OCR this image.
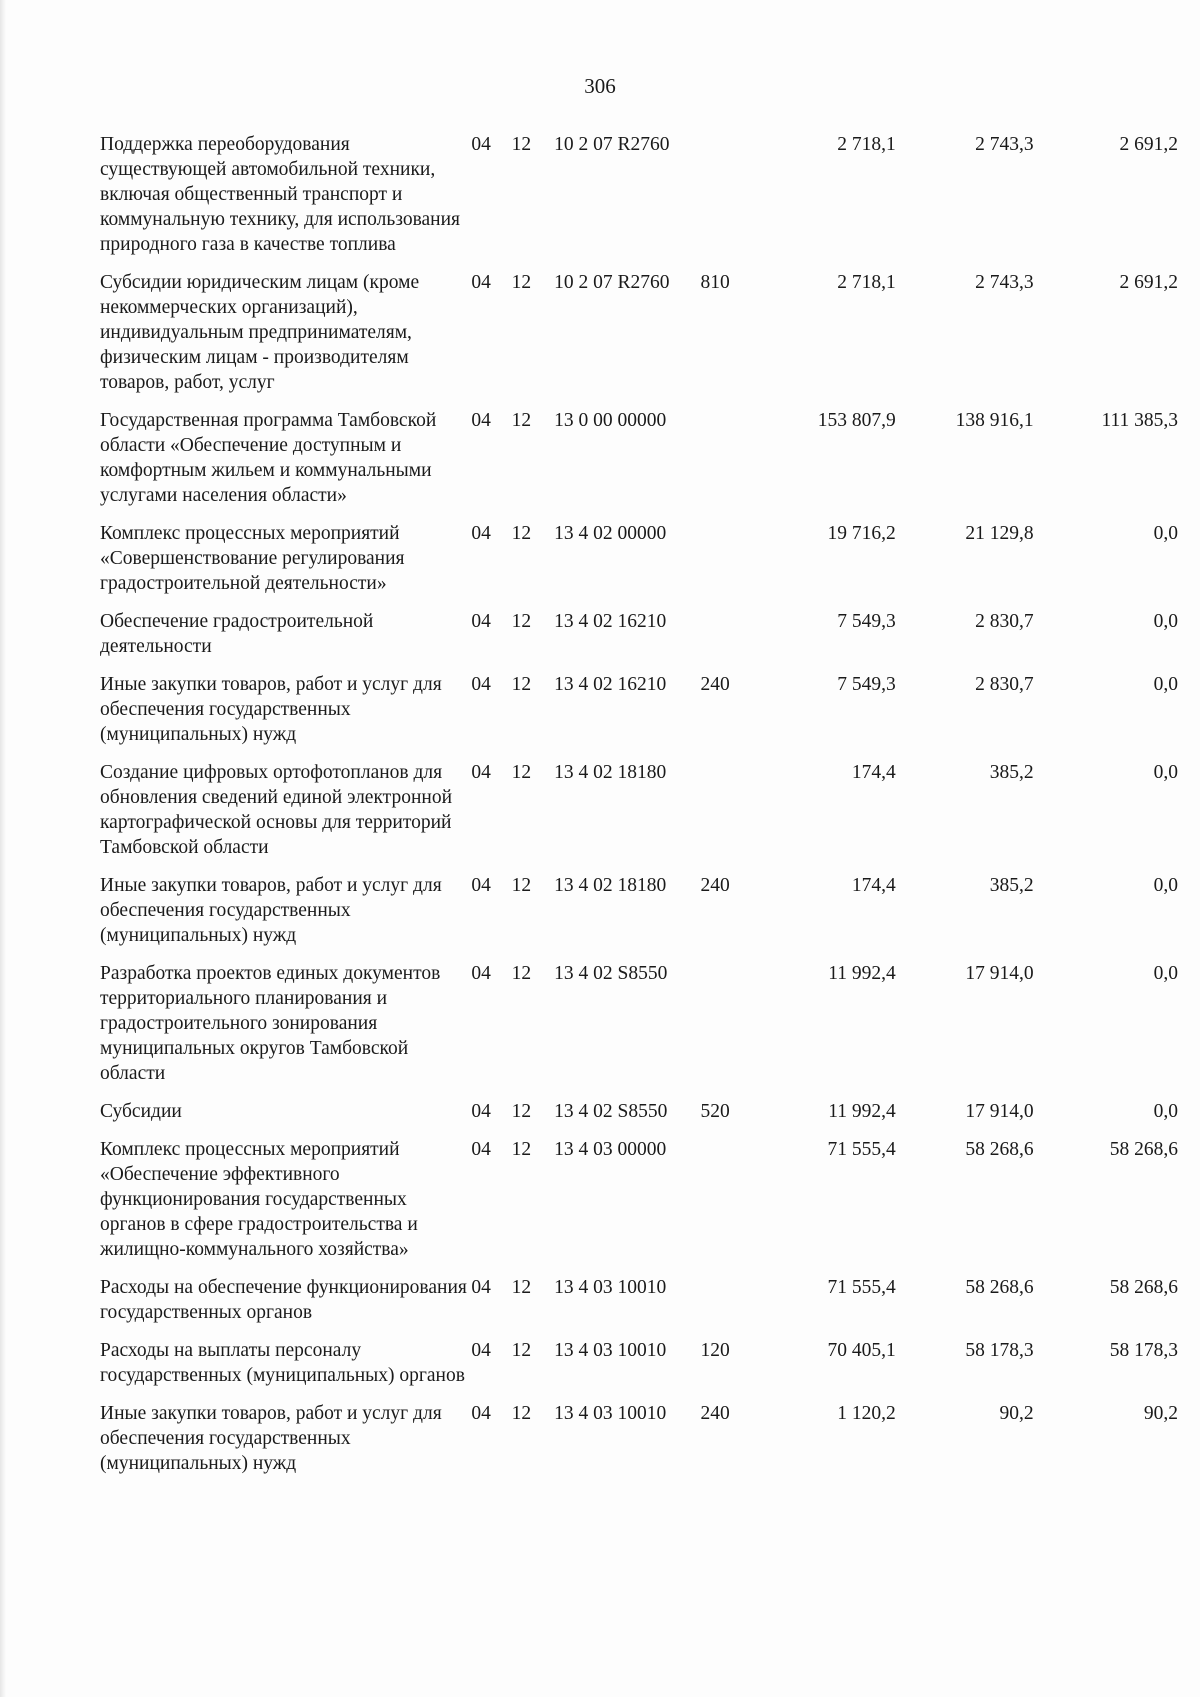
306
Поддержка переоборудования существующей автомобильной техники, включая общественный транспорт и коммунальную технику, для использования природного газа в качестве топлива	04	12	10 2 07 R2760		2 718,1	2 743,3	2 691,2
Субсидии юридическим лицам (кроме некоммерческих организаций), индивидуальным предпринимателям, физическим лицам - производителям товаров, работ, услуг	04	12	10 2 07 R2760	810	2 718,1	2 743,3	2 691,2
Государственная программа Тамбовской области «Обеспечение доступным и комфортным жильем и коммунальными услугами населения области»	04	12	13 0 00 00000		153 807,9	138 916,1	111 385,3
Комплекс процессных мероприятий «Совершенствование регулирования градостроительной деятельности»	04	12	13 4 02 00000		19 716,2	21 129,8	0,0
Обеспечение градостроительной деятельности	04	12	13 4 02 16210		7 549,3	2 830,7	0,0
Иные закупки товаров, работ и услуг для обеспечения государственных (муниципальных) нужд	04	12	13 4 02 16210	240	7 549,3	2 830,7	0,0
Создание цифровых ортофотопланов для обновления сведений единой электронной картографической основы для территорий Тамбовской области	04	12	13 4 02 18180		174,4	385,2	0,0
Иные закупки товаров, работ и услуг для обеспечения государственных (муниципальных) нужд	04	12	13 4 02 18180	240	174,4	385,2	0,0
Разработка проектов единых документов территориального планирования и градостроительного зонирования муниципальных округов Тамбовской области	04	12	13 4 02 S8550		11 992,4	17 914,0	0,0
Субсидии	04	12	13 4 02 S8550	520	11 992,4	17 914,0	0,0
Комплекс процессных мероприятий «Обеспечение эффективного функционирования государственных органов в сфере градостроительства и жилищно-коммунального хозяйства»	04	12	13 4 03 00000		71 555,4	58 268,6	58 268,6
Расходы на обеспечение функционирования государственных органов	04	12	13 4 03 10010		71 555,4	58 268,6	58 268,6
Расходы на выплаты персоналу государственных (муниципальных) органов	04	12	13 4 03 10010	120	70 405,1	58 178,3	58 178,3
Иные закупки товаров, работ и услуг для обеспечения государственных (муниципальных) нужд	04	12	13 4 03 10010	240	1 120,2	90,2	90,2
